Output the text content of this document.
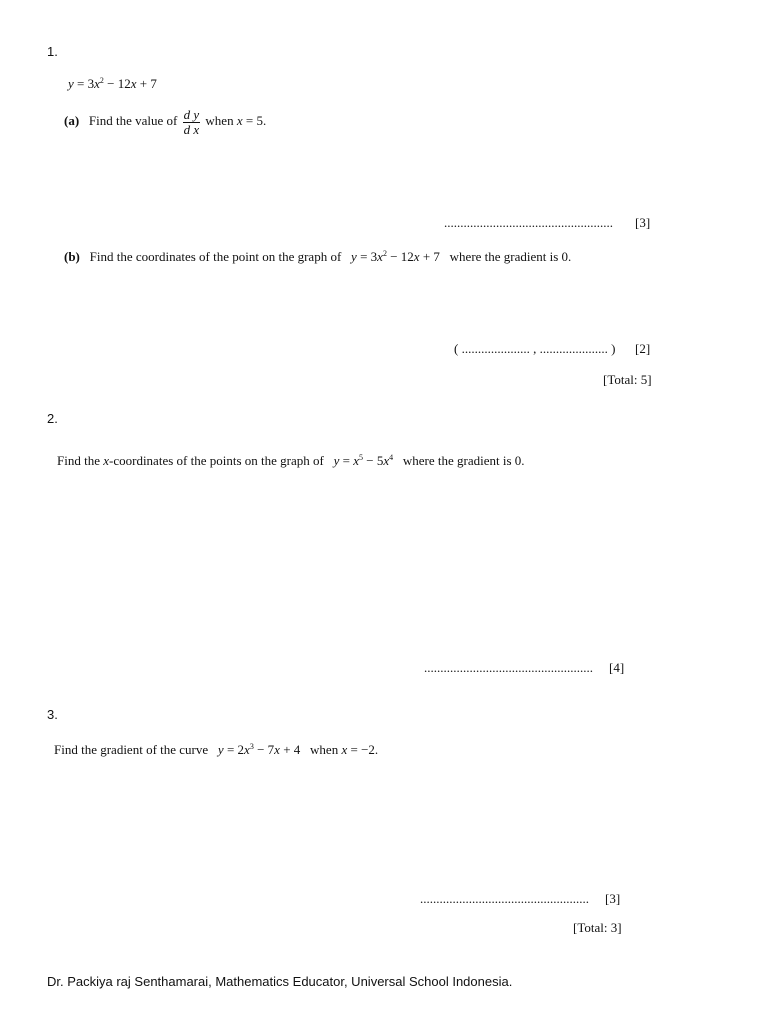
1.
$y = 3x^2 - 12x + 7$
(a) Find the value of $\frac{\text{d y}}{\text{d x}}$ when x = 5.
.................................................... [3]
(b) Find the coordinates of the point on the graph of $y = 3x^2 - 12x + 7$ where the gradient is 0.
( ..................... , ..................... ) [2]
[Total: 5]
2.
Find the x-coordinates of the points on the graph of $y = x^5 - 5x^4$ where the gradient is 0.
.................................................... [4]
3.
Find the gradient of the curve $y = 2x^3 - 7x + 4$ when x = −2.
.................................................... [3]
[Total: 3]
Dr. Packiya raj Senthamarai, Mathematics Educator, Universal School Indonesia.
